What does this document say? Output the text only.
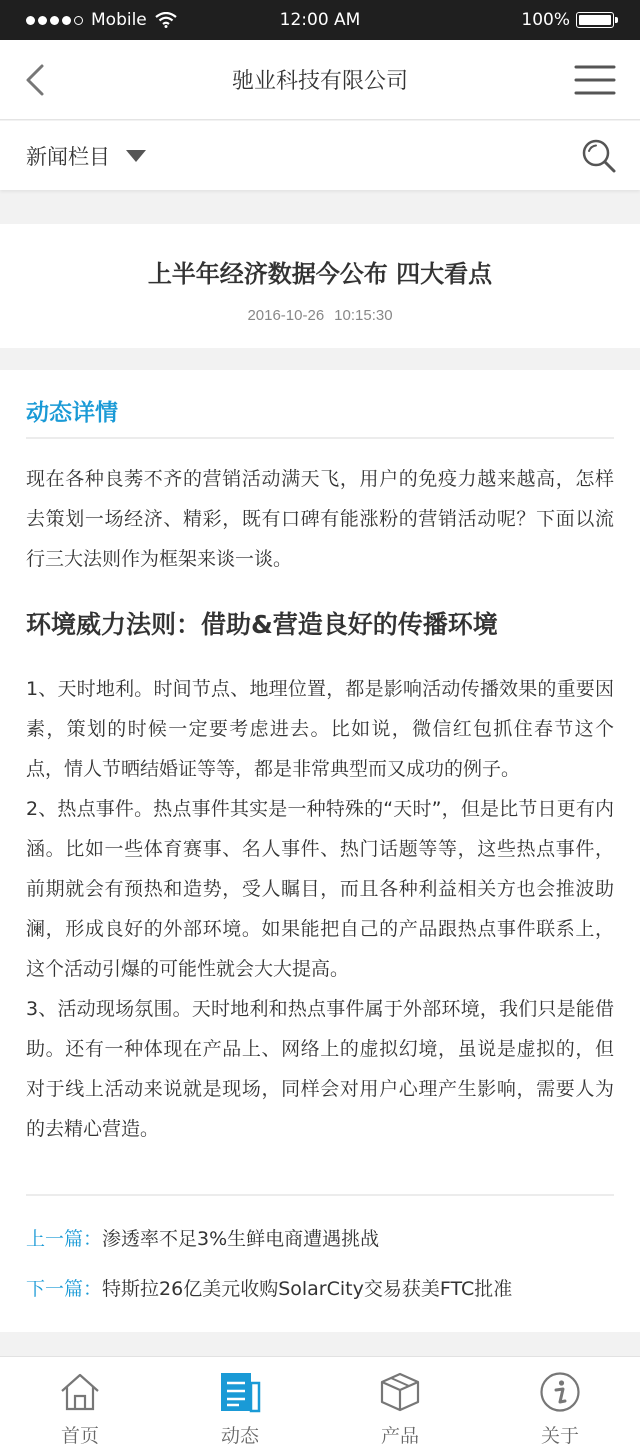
Mobile	12:00 AM	100%
驰业科技有限公司
新闻栏目
上半年经济数据今公布 四大看点
2016-10-26 10:15:30
动态详情

现在各种良莠不齐的营销活动满天飞，用户的免疫力越来越高，怎样去策划一场经济、精彩，既有口碑有能涨粉的营销活动呢？下面以流行三大法则作为框架来谈一谈。

环境威力法则：借助&营造良好的传播环境

1、天时地利。时间节点、地理位置，都是影响活动传播效果的重要因素，策划的时候一定要考虑进去。比如说，微信红包抓住春节这个点，情人节晒结婚证等等，都是非常典型而又成功的例子。

2、热点事件。热点事件其实是一种特殊的“天时”，但是比节日更有内涵。比如一些体育赛事、名人事件、热门话题等等，这些热点事件，前期就会有预热和造势，受人瞩目，而且各种利益相关方也会推波助澜，形成良好的外部环境。如果能把自己的产品跟热点事件联系上，这个活动引爆的可能性就会大大提高。

3、活动现场氛围。天时地利和热点事件属于外部环境，我们只是能借助。还有一种体现在产品上、网络上的虚拟幻境，虽说是虚拟的，但对于线上活动来说就是现场，同样会对用户心理产生影响，需要人为的去精心营造。

上一篇：渗透率不足3%生鲜电商遭遇挑战
下一篇：特斯拉26亿美元收购SolarCity交易获美FTC批准
首页	动态	产品	关于
